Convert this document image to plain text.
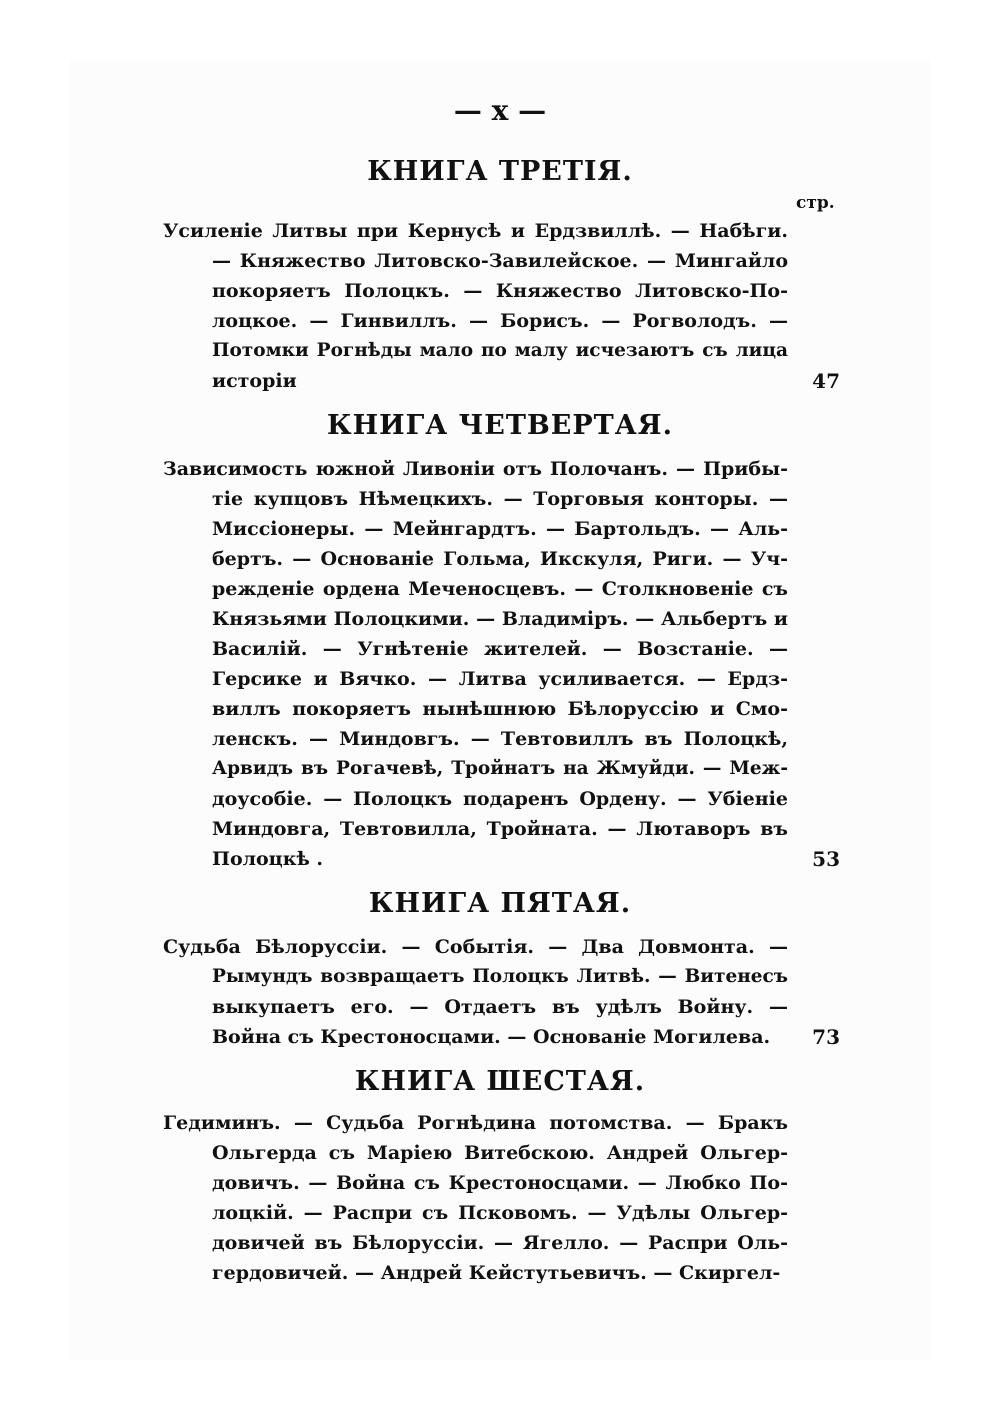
— x —
стр.
КНИГА ТРЕТІЯ.
Усиленіе Литвы при Кернусѣ и Ердзвиллѣ. — Набѣги.
— Княжество Литовско-Завилейское. — Мингайло
покоряетъ Полоцкъ. — Княжество Литовско-По-
лоцкое. — Гинвиллъ. — Борисъ. — Рогволодъ. —
Потомки Рогнѣды мало по малу исчезаютъ съ лица
исторіи	47
КНИГА ЧЕТВЕРТАЯ.
Зависимость южной Ливоніи отъ Полочанъ. — Прибы-
тіе купцовъ Нѣмецкихъ. — Торговыя конторы. —
Миссіонеры. — Мейнгардтъ. — Бартольдъ. — Аль-
бертъ. — Основаніе Гольма, Икскуля, Риги. — Уч-
режденіе ордена Меченосцевъ. — Столкновеніе съ
Князьями Полоцкими. — Владиміръ. — Альбертъ и
Василій. — Угнѣтеніе жителей. — Возстаніе. —
Герсике и Вячко. — Литва усиливается. — Ердз-
виллъ покоряетъ нынѣшнюю Бѣлоруссію и Смо-
ленскъ. — Миндовгъ. — Тевтовиллъ въ Полоцкѣ,
Арвидъ въ Рогачевѣ, Тройнатъ на Жмуйди. — Меж-
доусобіе. — Полоцкъ подаренъ Ордену. — Убіеніе
Миндовга, Тевтовилла, Тройната. — Лютаворъ въ
Полоцкѣ .	53
КНИГА ПЯТАЯ.
Судьба Бѣлоруссіи. — Событія. — Два Довмонта. —
Рымундъ возвращаетъ Полоцкъ Литвѣ. — Витенесъ
выкупаетъ его. — Отдаетъ въ удѣлъ Войну. —
Война съ Крестоносцами. — Основаніе Могилева.	73
КНИГА ШЕСТАЯ.
Гедиминъ. — Судьба Рогнѣдина потомства. — Бракъ
Ольгерда съ Маріею Витебскою. Андрей Ольгер-
довичъ. — Война съ Крестоносцами. — Любко По-
лоцкій. — Распри съ Псковомъ. — Удѣлы Ольгер-
довичей въ Бѣлоруссіи. — Ягелло. — Распри Оль-
гердовичей. — Андрей Кейстутьевичъ. — Скиргел-
